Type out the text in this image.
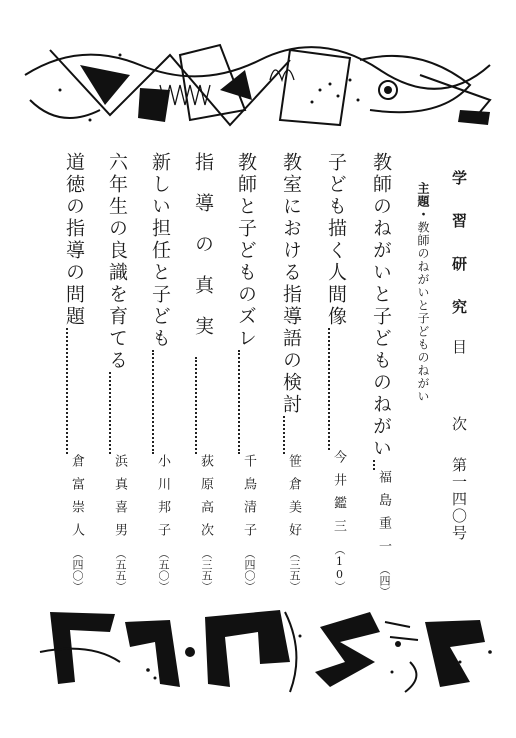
学 習 研 究
目 次
第一四〇号
主題・教師のねがいと子どものねがい
教師のねがいと子どものねがい
福島重一
（四）
子ども描く人間像
今井鑑三
（10）
教室における指導語の検討
笹倉美好
（三五）
教師と子どものズレ
千鳥清子
（四〇）
指導の真実
荻原高次
（三五）
新しい担任と子ども
小川邦子
（五〇）
六年生の良識を育てる
浜真喜男
（五五）
道徳の指導の問題
倉富崇人
（四〇）
